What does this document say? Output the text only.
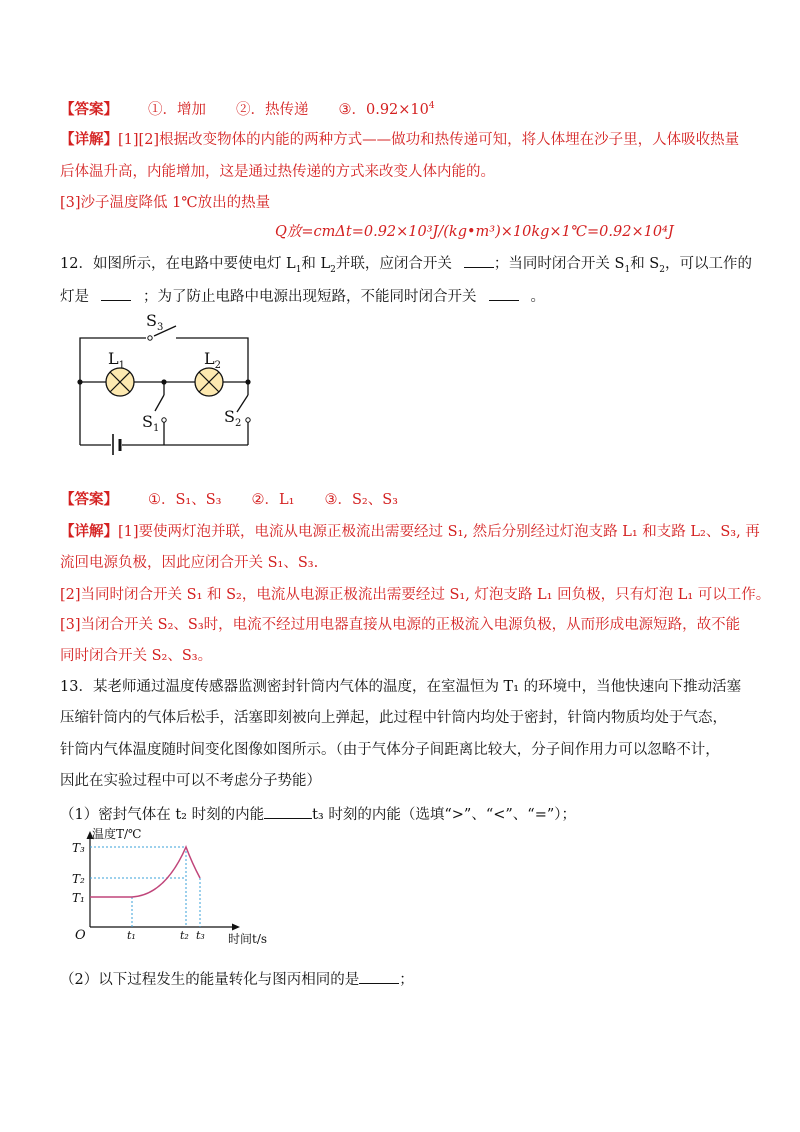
【答案】 ①．增加 ②．热传递 ③．$0.92\times 10^4$
【详解】[1][2]根据改变物体的内能的两种方式——做功和热传递可知，将人体埋在沙子里，人体吸收热量
后体温升高，内能增加，这是通过热传递的方式来改变人体内能的。
[3]沙子温度降低 1℃放出的热量
Q放=cmΔt=0.92×10³J/(kg•m³)×10kg×1℃=0.92×10⁴J
12．如图所示，在电路中要使电灯 $L_1$和 $L_2$并联，应闭合开关	；当同时闭合开关 $S_1$和 $S_2$，可以工作的
灯是	；为了防止电路中电源出现短路，不能同时闭合开关	。
$S_3$
$L_1$	$L_2$
$S_1$
$S_2$
【答案】 ①．S₁、S₃ ②．L₁ ③．S₂、S₃
【详解】[1]要使两灯泡并联，电流从电源正极流出需要经过 S₁, 然后分别经过灯泡支路 L₁ 和支路 L₂、S₃, 再
流回电源负极，因此应闭合开关 S₁、S₃.
[2]当同时闭合开关 S₁ 和 S₂，电流从电源正极流出需要经过 S₁, 灯泡支路 L₁ 回负极，只有灯泡 L₁ 可以工作。
[3]当闭合开关 S₂、S₃时，电流不经过用电器直接从电源的正极流入电源负极，从而形成电源短路，故不能
同时闭合开关 S₂、S₃。
13．某老师通过温度传感器监测密封针筒内气体的温度，在室温恒为 T₁ 的环境中，当他快速向下推动活塞
压缩针筒内的气体后松手，活塞即刻被向上弹起，此过程中针筒内均处于密封，针筒内物质均处于气态，
针筒内气体温度随时间变化图像如图所示。（由于气体分子间距离比较大，分子间作用力可以忽略不计，
因此在实验过程中可以不考虑分子势能）
（1）密封气体在 t₂ 时刻的内能	t₃ 时刻的内能（选填“>”、“<”、“=”）；
温度T/℃
时间t/s
O
T₃
T₂
T₁
t₁	t₂ t₃
（2）以下过程发生的能量转化与图丙相同的是	；
